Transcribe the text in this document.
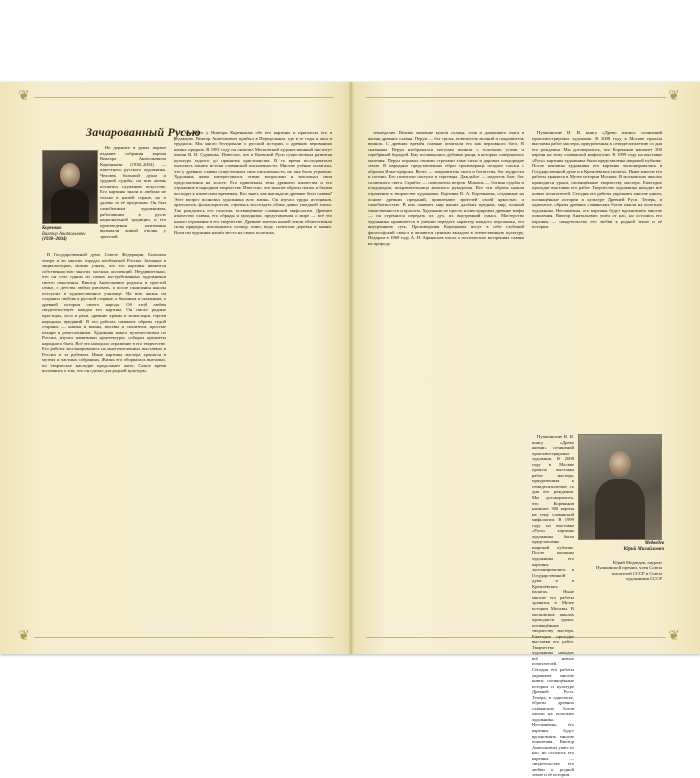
❦	❦
❦	❦
Зачарованный Русью
Коренков
Виктор Анатольевич
(1938–2004)

Не держите в руках первое издание собрания картин Виктора Анатольевича Коренькова (1938–2004) — известного русского художника. Человек большой души и трудной судьбы, он всю жизнь посвятил служению искусству. Его картины знали и любили не только в нашей стране, но и далеко за её пределами. Он был самобытным художником, работавшим в русле национальной традиции, и его произведения неизменно вызывали живой отклик у зрителей.

В Государственной думе, Совете Федерации, Большом театре и во многих городах необъятной России. Заглянув в энциклопедию, можно узнать, что его картины являются собственностью многих частных коллекций. Неудивительно, что он стал одним из самых востребованных художников своего поколения. Виктор Анатольевич родился в простой семье, с детства любил рисовать, а после окончания школы поступил в художественное училище. На всю жизнь он сохранил любовь к русской старине, к былинам и сказаниям, к древней истории своего народа. Об этой любви свидетельствует каждая его картина. Он писал родные просторы, леса и реки, древние храмы и монастыри, героев народных преданий. В его работах оживают образы седой старины — князья и воины, волхвы и сказители, простые пахари и ремесленники. Художник много путешествовал по России, изучал памятники архитектуры, собирал предметы народного быта. Всё это находило отражение в его творчестве. Его работы экспонировались на многочисленных выставках в России и за рубежом. Ныне картины мастера хранятся в музеях и частных собраниях. Жизнь его оборвалась внезапно, но творческое наследие продолжает жить. Самое время вспомнить о том, что он сделал для родной культуры.

Я приобрёл у Виктора Коренькова обе его картины и пригласил его в редакцию. Виктор Анатольевич прибыл в Переделкино, где в те годы я жил и трудился. Мы много беседовали о русской истории, о древних верованиях наших предков. В 1981 году он окончил Московский художественный институт имени В. И. Сурикова. Известно, что в Киевской Руси существовала развитая культура задолго до принятия христианства. В то время исследователи пытались понять истоки славянской письменности. Многие учёные полагали, что у древних славян существовала своя письменность, но она была утрачена. Художник живо интересовался этими вопросами и воплощал свои представления на холсте. Его привлекала тема древнего язычества и его отражение в народном творчестве. Известно, что многие образы сказок и былин восходят к языческим временам. Кто знает, как выглядели древние боги славян? Этот вопрос волновал художника всю жизнь. Он изучал труды историков, археологов, фольклористов, стремясь воссоздать облик давно ушедшей эпохи. Так рождались его полотна, посвящённые славянской мифологии. Древнее язычество славян, его обряды и праздники, представления о мире — всё это нашло отражение в его творчестве. Древние жители нашей земли обожествляли силы природы, поклонялись солнцу, огню, воде, почитали деревья и камни. Всем им художник нашёл место на своих полотнах.

земледелие. Велико значение культа солнца, огня и домашнего очага в жизни древних славян. Перун — бог грозы, повелитель молний и покровитель воинов. С древних времён славяне почитали его как верховного бога. В сказаниях Перун изображался могучим воином с золотыми усами и серебряной бородой. Ему посвящались дубовые рощи, в которых совершались моления. Перун поражал своими стрелами злые силы и даровал плодородие земле. В народных представлениях образ громовержца позднее слился с образом Ильи-пророка. Велес — покровитель скота и богатства, бог мудрости и поэзии. Его почитали пастухи и торговцы. Даждьбог — податель благ, бог солнечного света. Стрибог — повелитель ветров. Мокошь — богиня судьбы и плодородия, покровительница женского рукоделия. Все эти образы нашли отражение в творчестве художника. Картины В. А. Коренькова, созданные на основе древних преданий, привлекают зрителей своей яркостью и самобытностью. В них оживает мир наших далёких предков, мир, полный таинственности и красоты. Художник не просто иллюстрировал древние мифы — он стремился передать их дух, их внутренний смысл. Мастерство художника проявляется в умении передать характер каждого персонажа, его внутреннюю суть. Произведения Коренькова несут в себе глубокий философский смысл и являются ценным вкладом в отечественную культуру. Недаром в 1869 году А. Н. Афанасьев писал о поэтических воззрениях славян на природу.

Пушкинские И. И. книгу «Древо жизни» сочинений проиллюстрировал художник. В 2008 году в Москве прошла выставка работ мастера, приуроченная к семидесятилетию со дня его рождения. Мы договорились, что Кореньков напишет 300 картин на тему славянской мифологии. В 1999 году на выставке «Русь» картины художника были представлены широкой публике. После кончины художника его картины экспонировались в Государственной думе и в Кремлёвских палатах. Ныне многие его работы хранятся в Музее истории Москвы. В московских школах проводятся уроки, посвящённые творчеству мастера. Ежегодно проходят выставки его работ. Творчество художника находит всё новых почитателей. Сегодня его работы украшают многие книги, посвящённые истории и культуре Древней Руси. Теперь, в одночасье, образы древних славянских богов ожили на полотнах художника. Несомненно, его картины будут вдохновлять многие поколения. Виктор Анатольевич ушёл от нас, но остались его картины — свидетельство его любви к родной земле и её истории.

Медведев
Юрий Михайлович
Юрий Медведев, лауреат Пушкинской премии, член Союза писателей СССР и Союза художников СССР

Пушкинские И. И. книгу «Древо жизни» сочинений проиллюстрировал художник. В 2008 году в Москве прошла выставка работ мастера, приуроченная к семидесятилетию со дня его рождения. Мы договорились, что Кореньков напишет 300 картин на тему славянской мифологии. В 1999 году на выставке «Русь» картины художника были представлены широкой публике. После кончины художника его картины экспонировались в Государственной думе и в Кремлёвских палатах. Ныне многие его работы хранятся в Музее истории Москвы. В московских школах проводятся уроки, посвящённые творчеству мастера. Ежегодно проходят выставки его работ. Творчество художника находит всё новых почитателей. Сегодня его работы украшают многие книги, посвящённые истории и культуре Древней Руси. Теперь, в одночасье, образы древних славянских богов ожили на полотнах художника. Несомненно, его картины будут вдохновлять многие поколения. Виктор Анатольевич ушёл от нас, но остались его картины — свидетельство его любви к родной земле и её истории.
